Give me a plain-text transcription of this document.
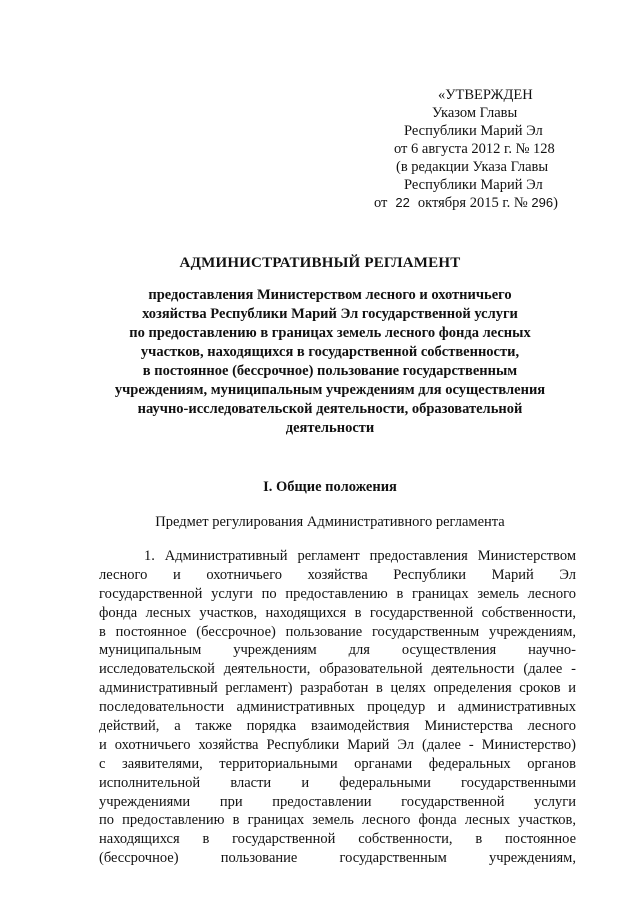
«УТВЕРЖДЕН
Указом Главы
Республики Марий Эл
от 6 августа 2012 г. № 128
(в редакции Указа Главы
Республики Марий Эл
от 22 октября 2015 г. № 296)
АДМИНИСТРАТИВНЫЙ РЕГЛАМЕНТ
предоставления Министерством лесного и охотничьего
хозяйства Республики Марий Эл государственной услуги
по предоставлению в границах земель лесного фонда лесных
участков, находящихся в государственной собственности,
в постоянное (бессрочное) пользование государственным
учреждениям, муниципальным учреждениям для осуществления
научно-исследовательской деятельности, образовательной
деятельности
I. Общие положения
Предмет регулирования Административного регламента
1. Административный регламент предоставления Министерством
лесного и охотничьего хозяйства Республики Марий Эл
государственной услуги по предоставлению в границах земель лесного
фонда лесных участков, находящихся в государственной собственности,
в постоянное (бессрочное) пользование государственным учреждениям,
муниципальным учреждениям для осуществления научно-
исследовательской деятельности, образовательной деятельности (далее -
административный регламент) разработан в целях определения сроков и
последовательности административных процедур и административных
действий, а также порядка взаимодействия Министерства лесного
и охотничьего хозяйства Республики Марий Эл (далее - Министерство)
с заявителями, территориальными органами федеральных органов
исполнительной власти и федеральными государственными
учреждениями при предоставлении государственной услуги
по предоставлению в границах земель лесного фонда лесных участков,
находящихся в государственной собственности, в постоянное
(бессрочное) пользование государственным учреждениям,
